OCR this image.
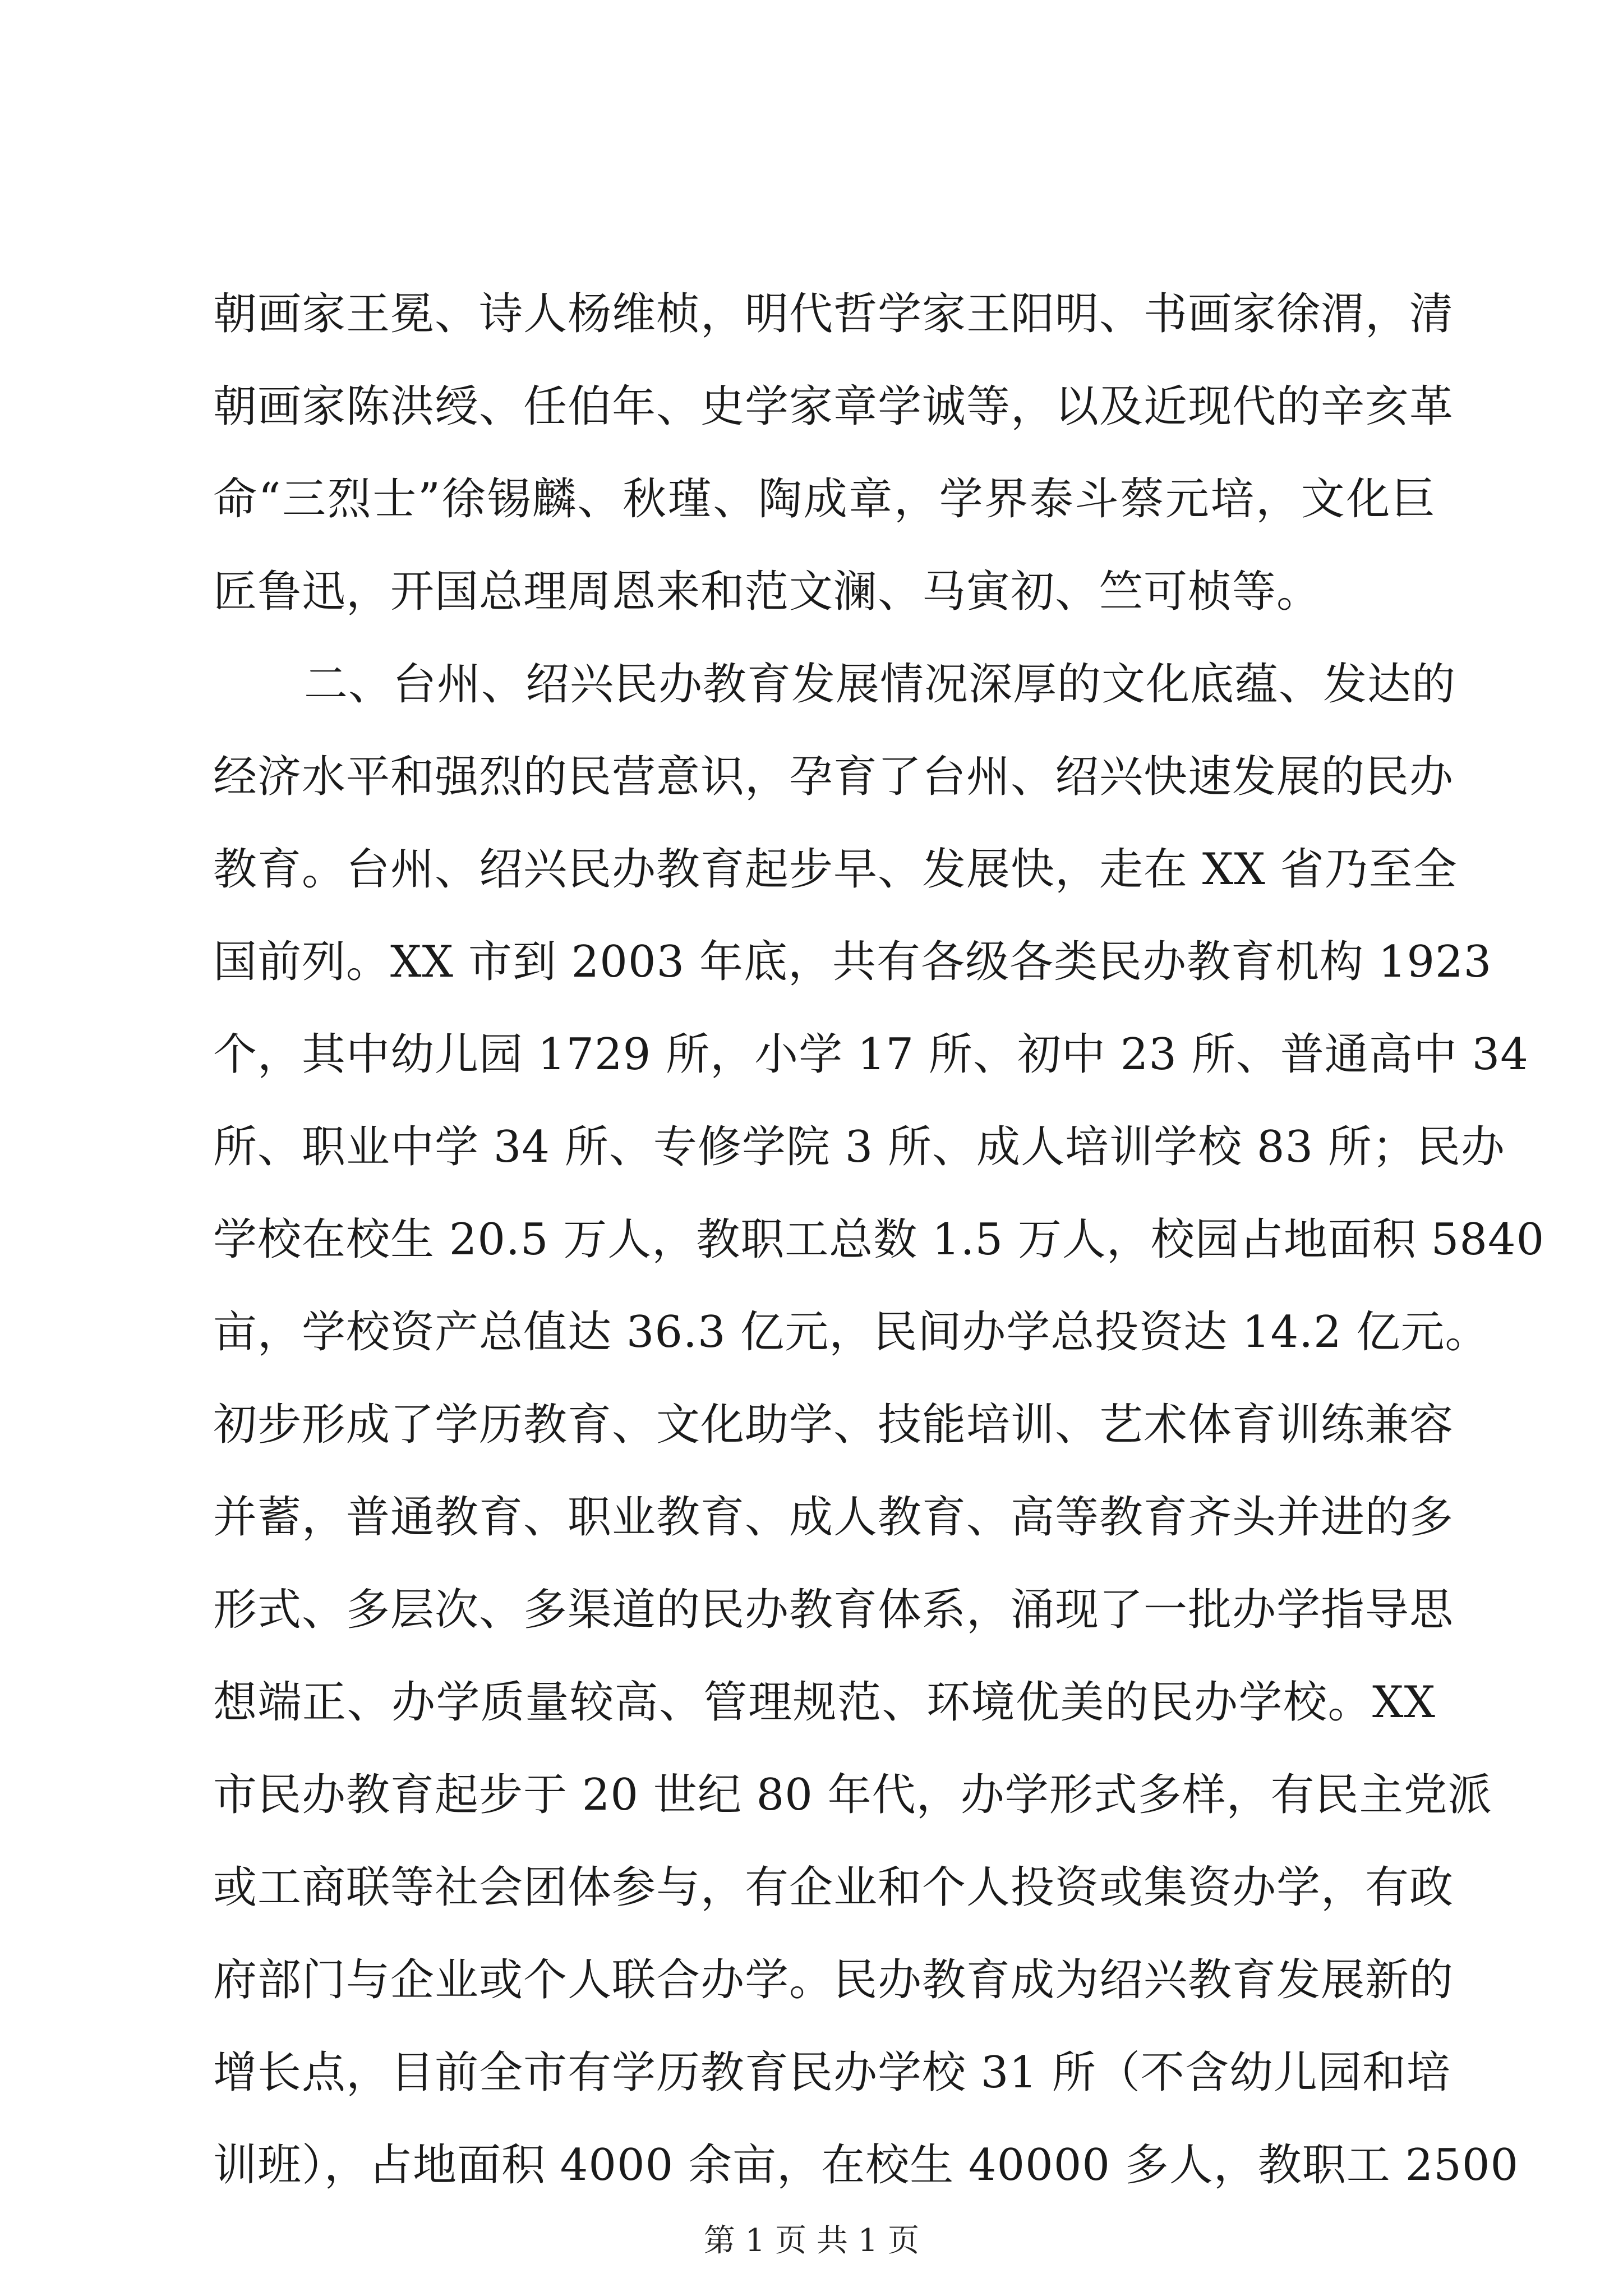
朝画家王冕、诗人杨维桢，明代哲学家王阳明、书画家徐渭，清
朝画家陈洪绶、任伯年、史学家章学诚等，以及近现代的辛亥革
命“三烈士”徐锡麟、秋瑾、陶成章，学界泰斗蔡元培，文化巨
匠鲁迅，开国总理周恩来和范文澜、马寅初、竺可桢等。
二、台州、绍兴民办教育发展情况深厚的文化底蕴、发达的
经济水平和强烈的民营意识，孕育了台州、绍兴快速发展的民办
教育。台州、绍兴民办教育起步早、发展快，走在 XX 省乃至全
国前列。XX 市到 2003 年底，共有各级各类民办教育机构 1923
个，其中幼儿园 1729 所，小学 17 所、初中 23 所、普通高中 34
所、职业中学 34 所、专修学院 3 所、成人培训学校 83 所；民办
学校在校生 20.5 万人，教职工总数 1.5 万人，校园占地面积 5840
亩，学校资产总值达 36.3 亿元，民间办学总投资达 14.2 亿元。
初步形成了学历教育、文化助学、技能培训、艺术体育训练兼容
并蓄，普通教育、职业教育、成人教育、高等教育齐头并进的多
形式、多层次、多渠道的民办教育体系，涌现了一批办学指导思
想端正、办学质量较高、管理规范、环境优美的民办学校。XX
市民办教育起步于 20 世纪 80 年代，办学形式多样，有民主党派
或工商联等社会团体参与，有企业和个人投资或集资办学，有政
府部门与企业或个人联合办学。民办教育成为绍兴教育发展新的
增长点，目前全市有学历教育民办学校 31 所（不含幼儿园和培
训班），占地面积 4000 余亩，在校生 40000 多人，教职工 2500
第 1 页 共 1 页
